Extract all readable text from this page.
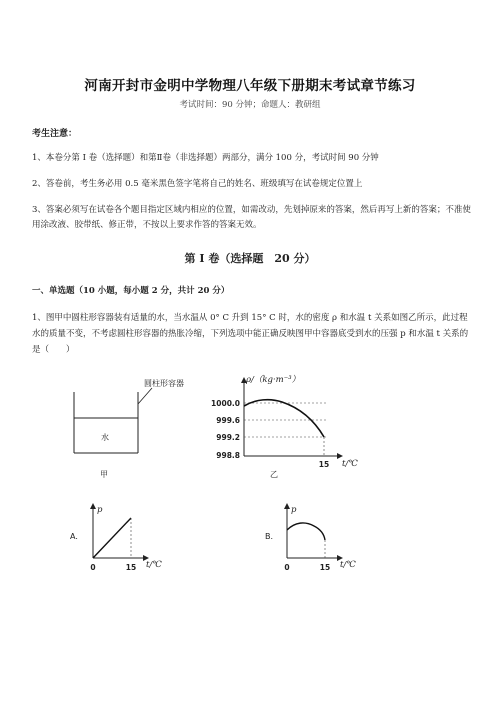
河南开封市金明中学物理八年级下册期末考试章节练习
考试时间：90 分钟；命题人：教研组
考生注意：
1、本卷分第 I 卷（选择题）和第Ⅱ卷（非选择题）两部分，满分 100 分，考试时间 90 分钟
2、答卷前，考生务必用 0.5 毫米黑色签字笔将自己的姓名、班级填写在试卷规定位置上
3、答案必须写在试卷各个题目指定区域内相应的位置，如需改动，先划掉原来的答案，然后再写上新的答案；不准使用涂改液、胶带纸、修正带，不按以上要求作答的答案无效。
第 I 卷（选择题　20 分）
一、单选题（10 小题，每小题 2 分，共计 20 分）
1、图甲中圆柱形容器装有适量的水，当水温从 0° C 升到 15° C 时，水的密度 ρ 和水温 t 关系如图乙所示，此过程水的质量不变，不考虑圆柱形容器的热胀冷缩，下列选项中能正确反映图甲中容器底受到水的压强 p 和水温 t 关系的是（　　）
圆柱形容器
水
甲
ρ/（kg·m⁻³）
t/℃
1000.0
999.6
999.2
998.8
15
乙
A.
p
t/℃
0	15
B.
p
t/℃
0	15
